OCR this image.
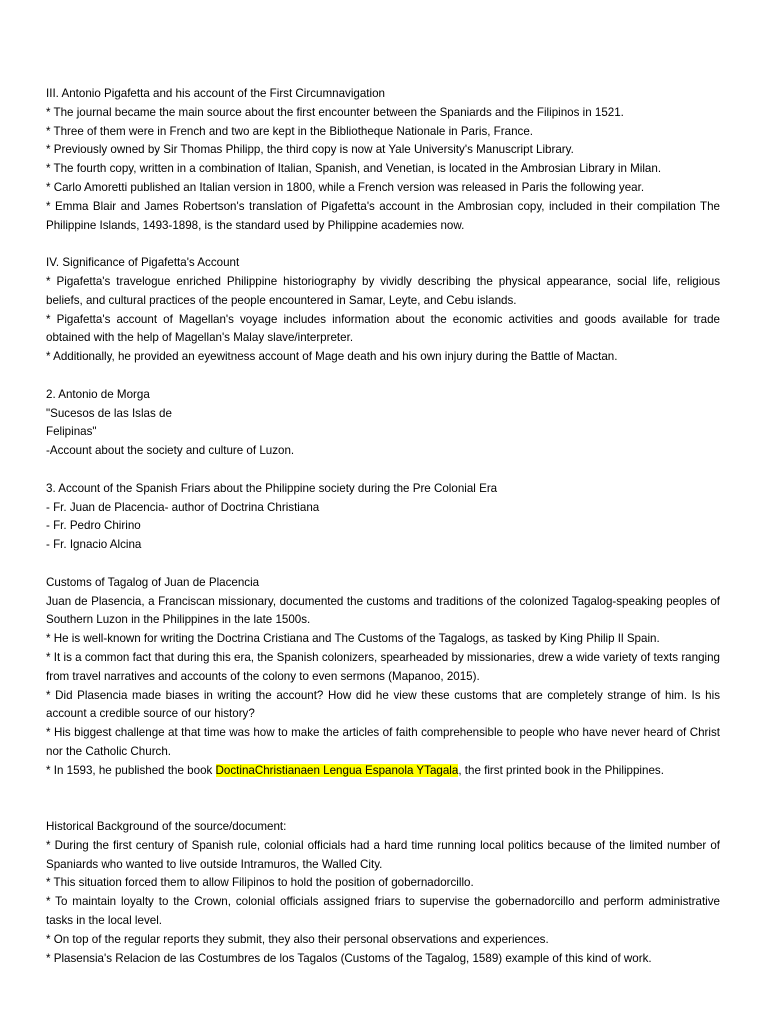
III. Antonio Pigafetta and his account of the First Circumnavigation

* The journal became the main source about the first encounter between the Spaniards and the Filipinos in 1521.

* Three of them were in French and two are kept in the Bibliotheque Nationale in Paris, France.

* Previously owned by Sir Thomas Philipp, the third copy is now at Yale University's Manuscript Library.

* The fourth copy, written in a combination of Italian, Spanish, and Venetian, is located in the Ambrosian Library in Milan.

* Carlo Amoretti published an Italian version in 1800, while a French version was released in Paris the following year.

* Emma Blair and James Robertson's translation of Pigafetta's account in the Ambrosian copy, included in their compilation The Philippine Islands, 1493-1898, is the standard used by Philippine academies now.

IV. Significance of Pigafetta's Account

* Pigafetta's travelogue enriched Philippine historiography by vividly describing the physical appearance, social life, religious beliefs, and cultural practices of the people encountered in Samar, Leyte, and Cebu islands.

* Pigafetta's account of Magellan's voyage includes information about the economic activities and goods available for trade obtained with the help of Magellan's Malay slave/interpreter.

* Additionally, he provided an eyewitness account of Mage death and his own injury during the Battle of Mactan.

2. Antonio de Morga

"Sucesos de las Islas de

Felipinas"

-Account about the society and culture of Luzon.

3. Account of the Spanish Friars about the Philippine society during the Pre Colonial Era

- Fr. Juan de Placencia- author of Doctrina Christiana

- Fr. Pedro Chirino

- Fr. Ignacio Alcina

Customs of Tagalog of Juan de Placencia

Juan de Plasencia, a Franciscan missionary, documented the customs and traditions of the colonized Tagalog-speaking peoples of Southern Luzon in the Philippines in the late 1500s.

* He is well-known for writing the Doctrina Cristiana and The Customs of the Tagalogs, as tasked by King Philip Il Spain.

* It is a common fact that during this era, the Spanish colonizers, spearheaded by missionaries, drew a wide variety of texts ranging from travel narratives and accounts of the colony to even sermons (Mapanoo, 2015).

* Did Plasencia made biases in writing the account? How did he view these customs that are completely strange of him. Is his account a credible source of our history?

* His biggest challenge at that time was how to make the articles of faith comprehensible to people who have never heard of Christ nor the Catholic Church.

* In 1593, he published the book DoctinaChristianaen Lengua Espanola YTagala, the first printed book in the Philippines.

Historical Background of the source/document:

* During the first century of Spanish rule, colonial officials had a hard time running local politics because of the limited number of Spaniards who wanted to live outside Intramuros, the Walled City.

* This situation forced them to allow Filipinos to hold the position of gobernadorcillo.

* To maintain loyalty to the Crown, colonial officials assigned friars to supervise the gobernadorcillo and perform administrative tasks in the local level.

* On top of the regular reports they submit, they also their personal observations and experiences.

* Plasensia's Relacion de las Costumbres de los Tagalos (Customs of the Tagalog, 1589) example of this kind of work.
